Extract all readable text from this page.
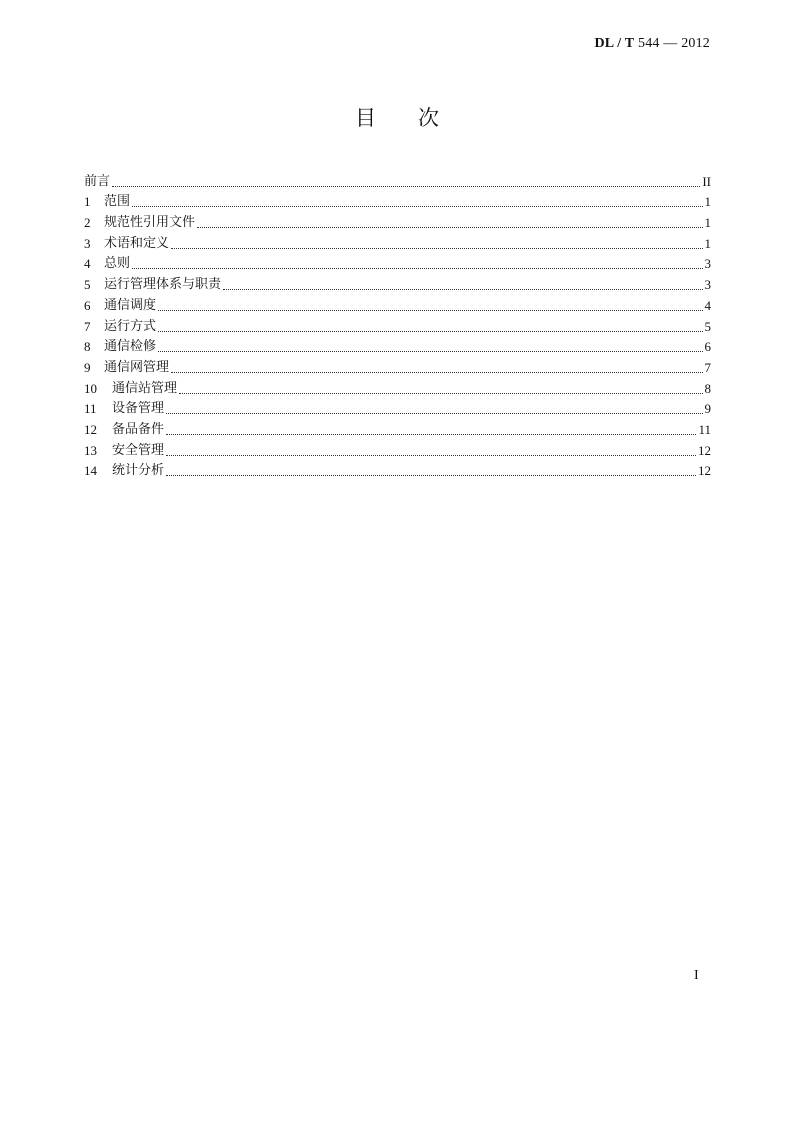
DL / T 544 — 2012
目次
前言	II
1	范围	1
2	规范性引用文件	1
3	术语和定义	1
4	总则	3
5	运行管理体系与职责	3
6	通信调度	4
7	运行方式	5
8	通信检修	6
9	通信网管理	7
10	通信站管理	8
11	设备管理	9
12	备品备件	11
13	安全管理	12
14	统计分析	12
I
